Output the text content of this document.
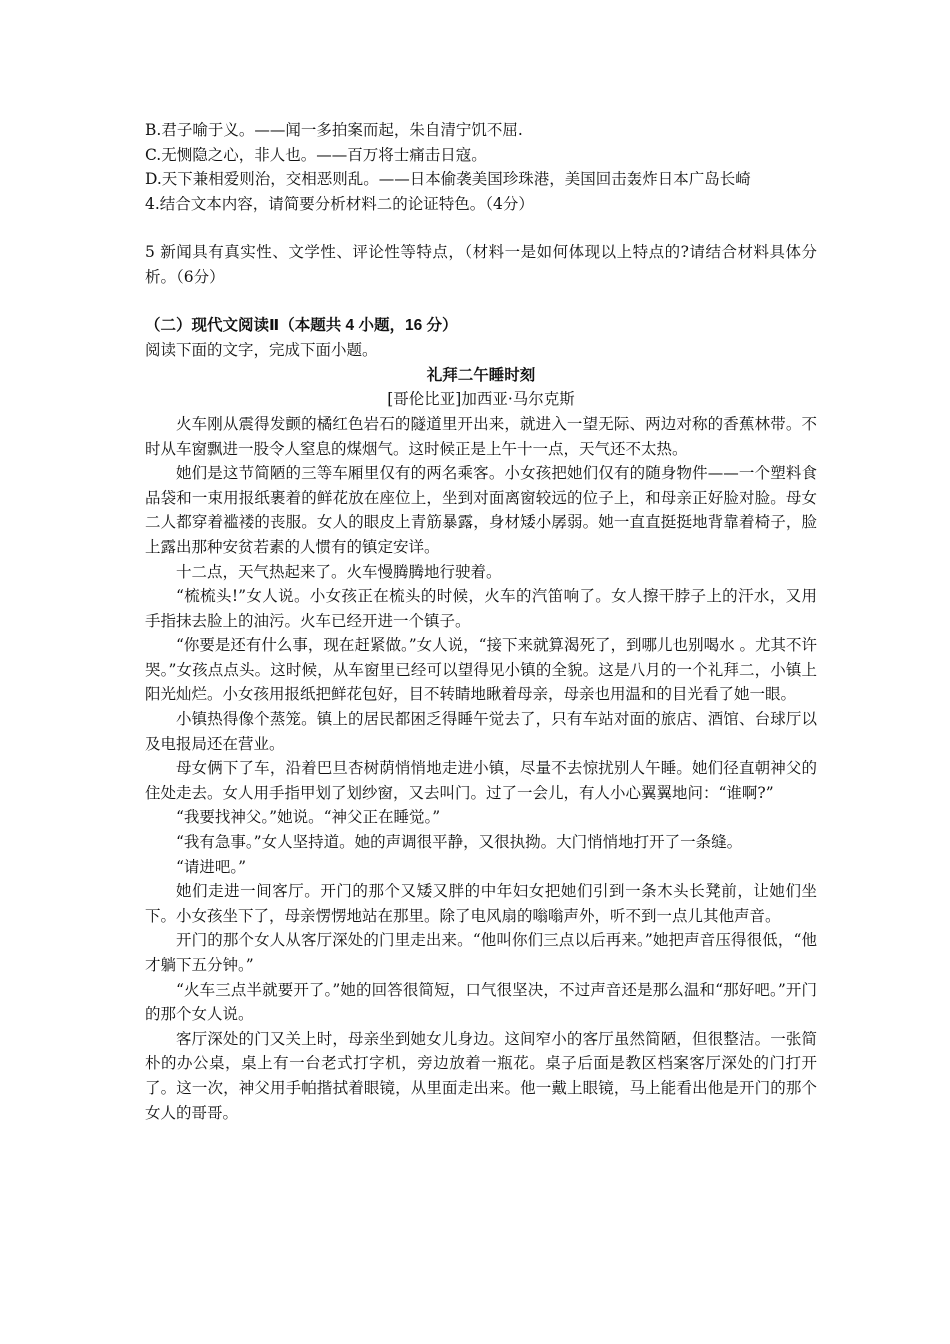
B.君子喻于义。——闻一多拍案而起，朱自清宁饥不屈.

C.无恻隐之心，非人也。——百万将士痛击日寇。

D.天下兼相爱则治，交相恶则乱。——日本偷袭美国珍珠港，美国回击轰炸日本广岛长崎

4.结合文本内容，请简要分析材料二的论证特色。（4分）

5 新闻具有真实性、文学性、评论性等特点，（材料一是如何体现以上特点的?请结合材料具体分析。（6分）

（二）现代文阅读Ⅱ（本题共 4 小题，16 分）

阅读下面的文字，完成下面小题。

礼拜二午睡时刻

[哥伦比亚]加西亚·马尔克斯

火车刚从震得发颤的橘红色岩石的隧道里开出来，就进入一望无际、两边对称的香蕉林带。不时从车窗飘进一股令人窒息的煤烟气。这时候正是上午十一点，天气还不太热。

她们是这节简陋的三等车厢里仅有的两名乘客。小女孩把她们仅有的随身物件——一个塑料食品袋和一束用报纸裹着的鲜花放在座位上，坐到对面离窗较远的位子上，和母亲正好脸对脸。母女二人都穿着褴褛的丧服。女人的眼皮上青筋暴露，身材矮小孱弱。她一直直挺挺地背靠着椅子，脸上露出那种安贫若素的人惯有的镇定安详。

十二点，天气热起来了。火车慢腾腾地行驶着。

“梳梳头!”女人说。小女孩正在梳头的时候，火车的汽笛响了。女人擦干脖子上的汗水，又用手指抹去脸上的油污。火车已经开进一个镇子。

“你要是还有什么事，现在赶紧做。”女人说，“接下来就算渴死了，到哪儿也别喝水 。尤其不许哭。”女孩点点头。这时候，从车窗里已经可以望得见小镇的全貌。这是八月的一个礼拜二，小镇上阳光灿烂。小女孩用报纸把鲜花包好，目不转睛地瞅着母亲，母亲也用温和的目光看了她一眼。

小镇热得像个蒸笼。镇上的居民都困乏得睡午觉去了，只有车站对面的旅店、酒馆、台球厅以及电报局还在营业。

母女俩下了车，沿着巴旦杏树荫悄悄地走进小镇，尽量不去惊扰别人午睡。她们径直朝神父的住处走去。女人用手指甲划了划纱窗，又去叫门。过了一会儿，有人小心翼翼地问：“谁啊?”

“我要找神父。”她说。“神父正在睡觉。”

“我有急事。”女人坚持道。她的声调很平静，又很执拗。大门悄悄地打开了一条缝。

“请进吧。”

她们走进一间客厅。开门的那个又矮又胖的中年妇女把她们引到一条木头长凳前，让她们坐下。小女孩坐下了，母亲愣愣地站在那里。除了电风扇的嗡嗡声外，听不到一点儿其他声音。

开门的那个女人从客厅深处的门里走出来。“他叫你们三点以后再来。”她把声音压得很低，“他才躺下五分钟。”

“火车三点半就要开了。”她的回答很简短，口气很坚决，不过声音还是那么温和“那好吧。”开门的那个女人说。

客厅深处的门又关上时，母亲坐到她女儿身边。这间窄小的客厅虽然简陋，但很整洁。一张简朴的办公桌，桌上有一台老式打字机，旁边放着一瓶花。桌子后面是教区档案客厅深处的门打开了。这一次，神父用手帕揩拭着眼镜，从里面走出来。他一戴上眼镜，马上能看出他是开门的那个女人的哥哥。
